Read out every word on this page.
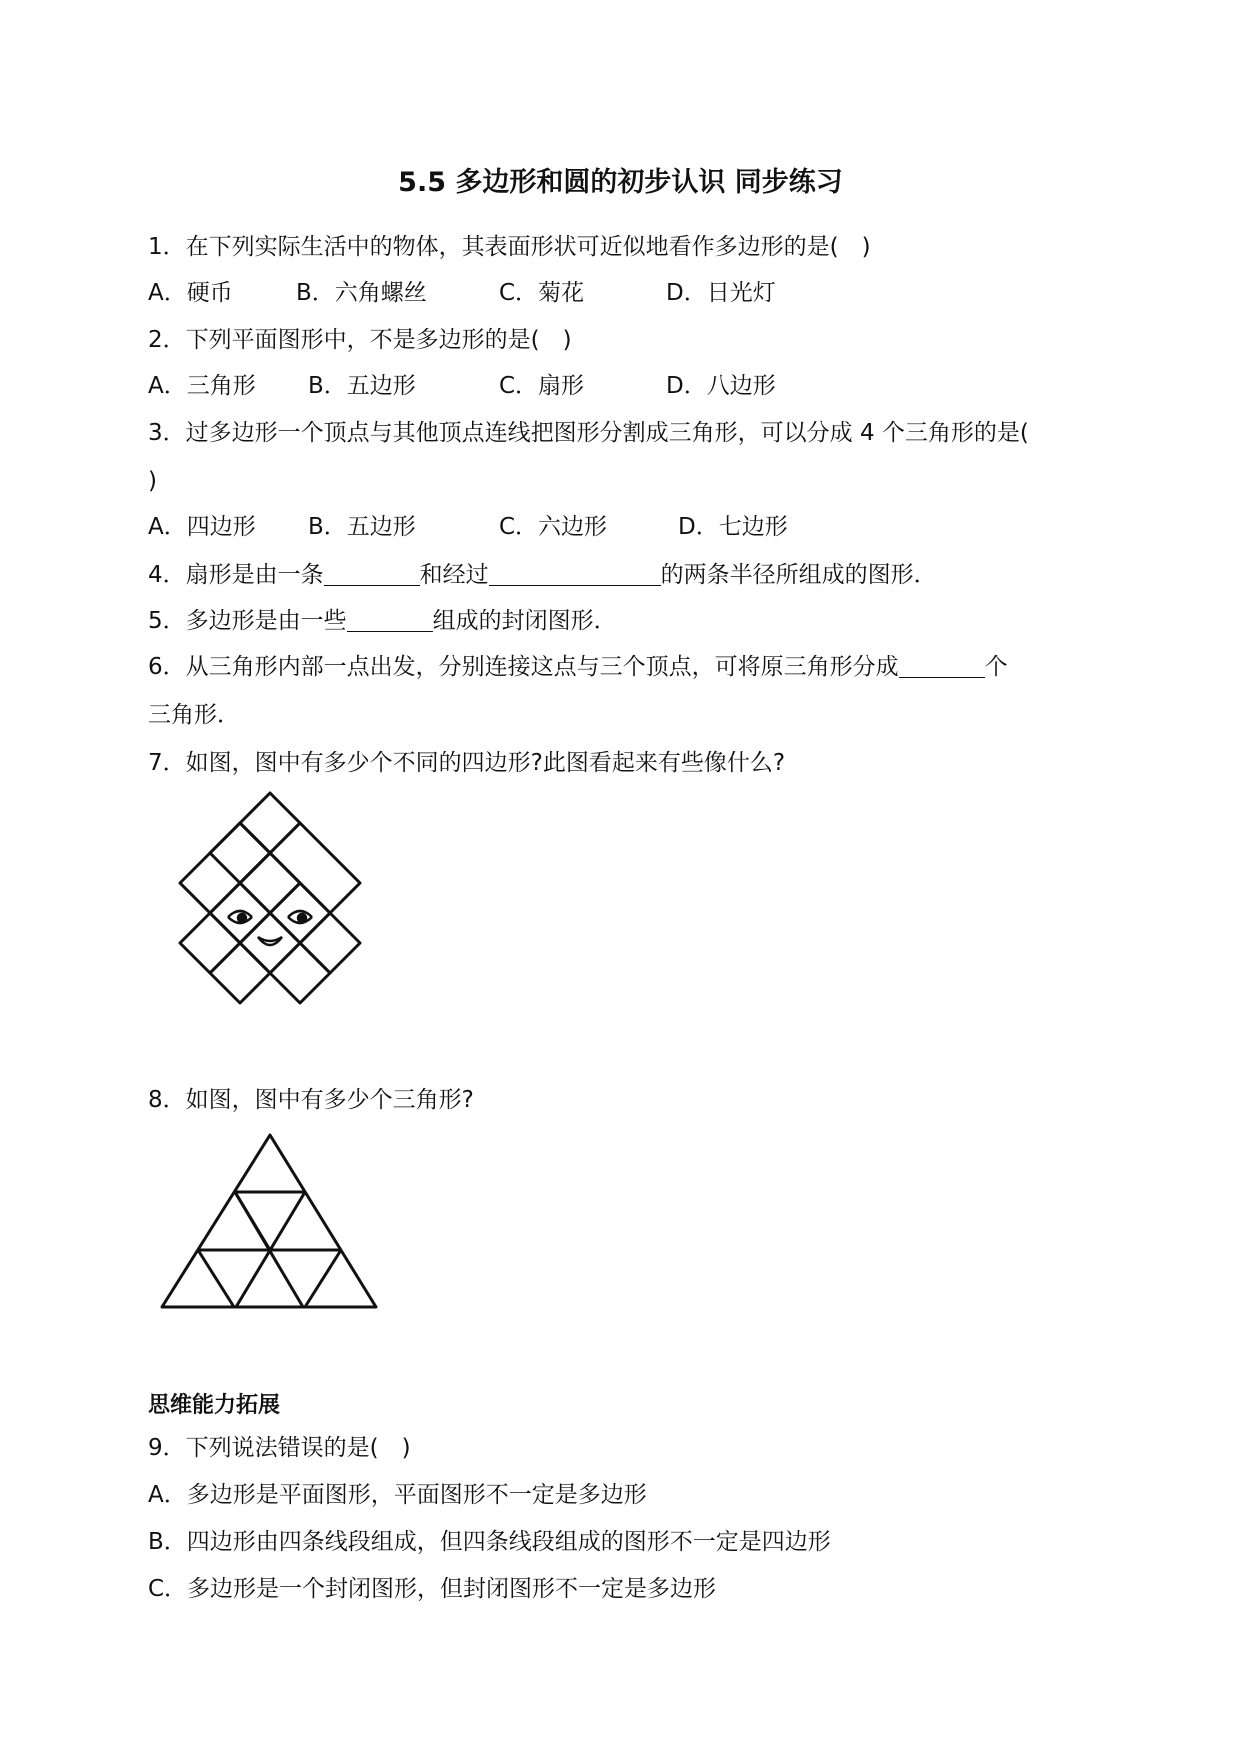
5.5 多边形和圆的初步认识 同步练习
1．在下列实际生活中的物体，其表面形状可近似地看作多边形的是(　)
A．硬币	B．六角螺丝	C．菊花	D．日光灯
2．下列平面图形中，不是多边形的是(　)
A．三角形 B．五边形	C．扇形	D．八边形
3．过多边形一个顶点与其他顶点连线把图形分割成三角形，可以分成 4 个三角形的是(
)
A．四边形 B．五边形	C．六边形	D．七边形
4．扇形是由一条	和经过	的两条半径所组成的图形．
5．多边形是由一些	组成的封闭图形．
6．从三角形内部一点出发，分别连接这点与三个顶点，可将原三角形分成	个
三角形．
7．如图，图中有多少个不同的四边形?此图看起来有些像什么?
8．如图，图中有多少个三角形?
思维能力拓展
9．下列说法错误的是(　)
A．多边形是平面图形，平面图形不一定是多边形
B．四边形由四条线段组成，但四条线段组成的图形不一定是四边形
C．多边形是一个封闭图形，但封闭图形不一定是多边形
